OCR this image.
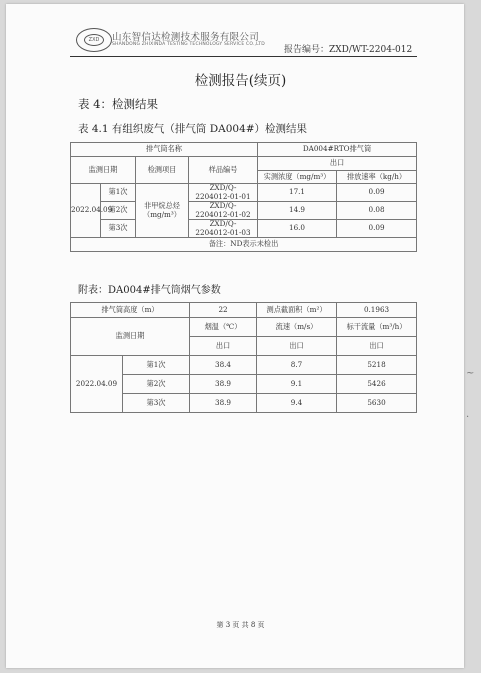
ZXD	山东智信达检测技术服务有限公司
SHANDONG ZHIXINDA TESTING TECHNOLOGY SERVICE CO.,LTD
报告编号：ZXD/WT-2204-012
检测报告(续页)
表 4：检测结果
表 4.1 有组织废气（排气筒 DA004#）检测结果
排气筒名称				DA004#RTO排气筒	
监测日期		检测项目	样品编号	出口	
				实测浓度（mg/m³）	排放速率（kg/h）
2022.04.09	第1次	非甲烷总烃（mg/m³）	ZXD/Q-2204012-01-01	17.1	0.09
	第2次		ZXD/Q-2204012-01-02	14.9	0.08
	第3次		ZXD/Q-2204012-01-03	16.0	0.09
备注：ND表示未检出					
附表：DA004#排气筒烟气参数
排气筒高度（m）		22	测点截面积（m²）	0.1963
监测日期		烟温（℃）	流速（m/s）	标干流量（m³/h）
		出口	出口	出口
2022.04.09	第1次	38.4	8.7	5218
	第2次	38.9	9.1	5426
	第3次	38.9	9.4	5630
第 3 页 共 8 页
~
·
